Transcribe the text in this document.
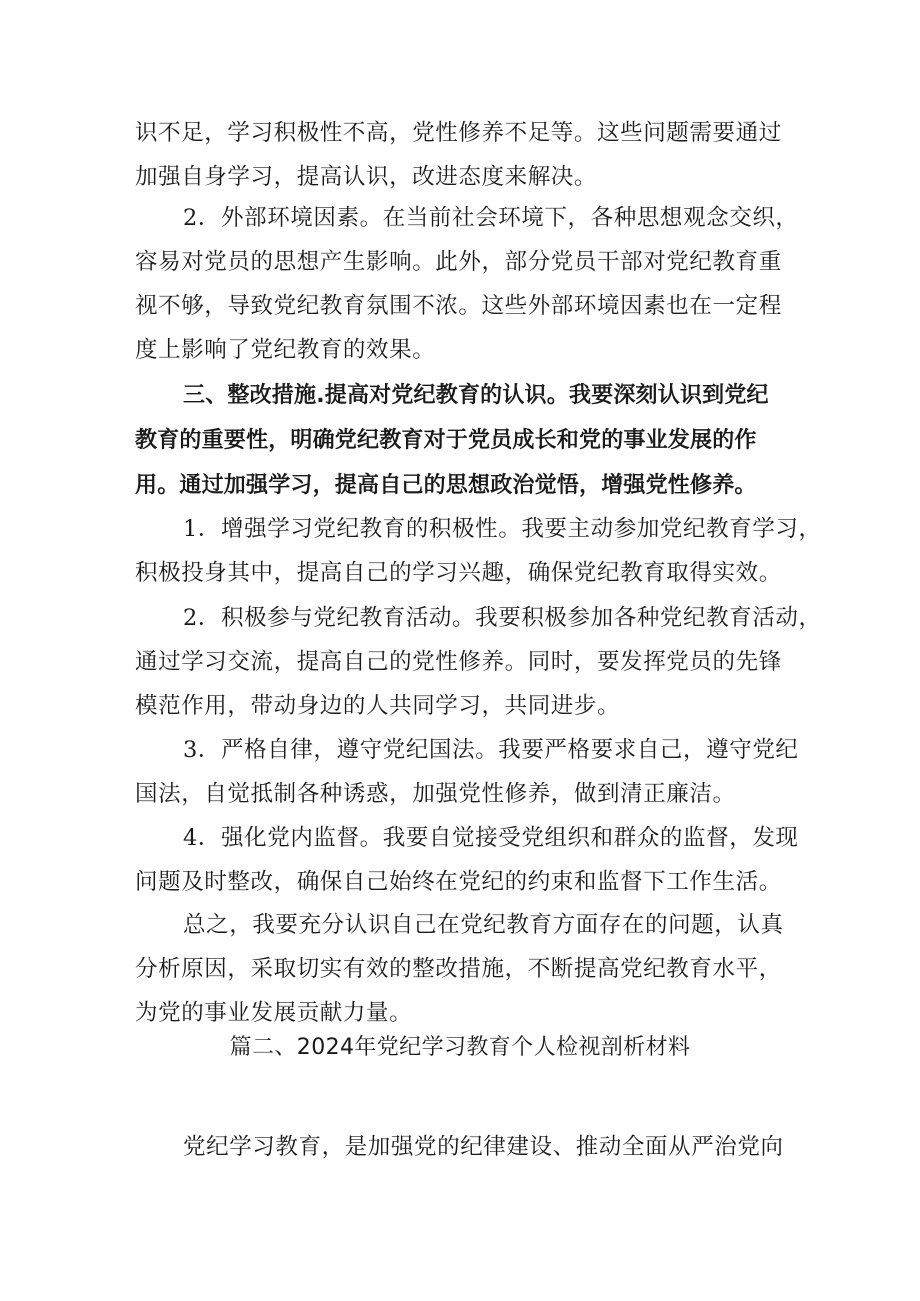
识不足，学习积极性不高，党性修养不足等。这些问题需要通过
加强自身学习，提高认识，改进态度来解决。
2．外部环境因素。在当前社会环境下，各种思想观念交织，
容易对党员的思想产生影响。此外，部分党员干部对党纪教育重
视不够，导致党纪教育氛围不浓。这些外部环境因素也在一定程
度上影响了党纪教育的效果。
三、整改措施.提高对党纪教育的认识。我要深刻认识到党纪
教育的重要性，明确党纪教育对于党员成长和党的事业发展的作
用。通过加强学习，提高自己的思想政治觉悟，增强党性修养。
1．增强学习党纪教育的积极性。我要主动参加党纪教育学习，
积极投身其中，提高自己的学习兴趣，确保党纪教育取得实效。
2．积极参与党纪教育活动。我要积极参加各种党纪教育活动，
通过学习交流，提高自己的党性修养。同时，要发挥党员的先锋
模范作用，带动身边的人共同学习，共同进步。
3．严格自律，遵守党纪国法。我要严格要求自己，遵守党纪
国法，自觉抵制各种诱惑，加强党性修养，做到清正廉洁。
4．强化党内监督。我要自觉接受党组织和群众的监督，发现
问题及时整改，确保自己始终在党纪的约束和监督下工作生活。
总之，我要充分认识自己在党纪教育方面存在的问题，认真
分析原因，采取切实有效的整改措施，不断提高党纪教育水平，
为党的事业发展贡献力量。
篇二、2024年党纪学习教育个人检视剖析材料
党纪学习教育，是加强党的纪律建设、推动全面从严治党向
